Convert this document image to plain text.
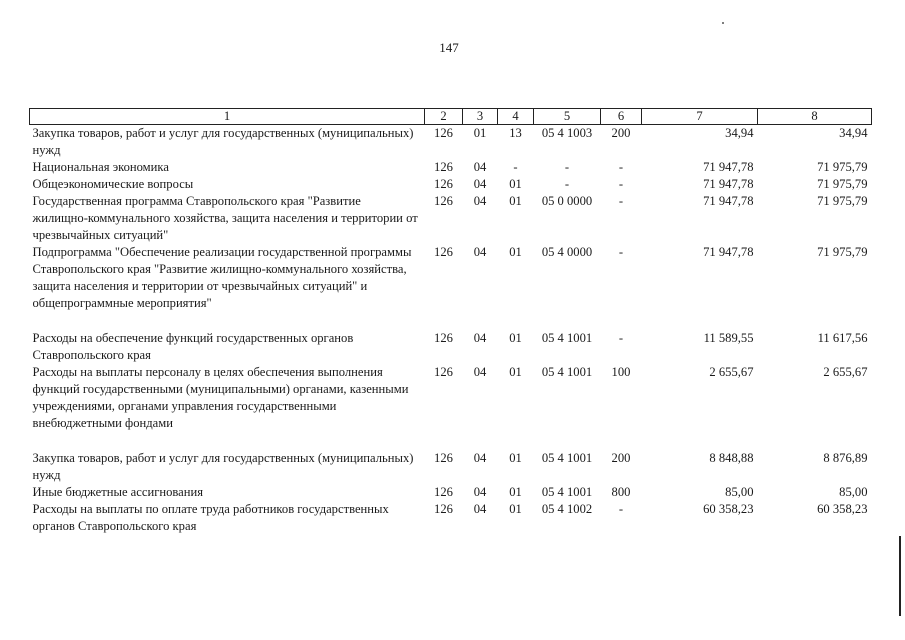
147
1	2	3	4	5	6	7	8
Закупка товаров, работ и услуг для государственных (муниципальных) нужд	126	01	13	05 4 1003	200	34,94	34,94
Национальная экономика	126	04	-	-	-	71 947,78	71 975,79
Общеэкономические вопросы	126	04	01	-	-	71 947,78	71 975,79
Государственная программа Ставропольского края "Развитие жилищно-коммунального хозяйства, защита населения и территории от чрезвычайных ситуаций"	126	04	01	05 0 0000	-	71 947,78	71 975,79
Подпрограмма "Обеспечение реализации государственной программы Ставропольского края "Развитие жилищно-коммунального хозяйства, защита населения и территории от чрезвычайных ситуаций" и общепрограммные мероприятия"	126	04	01	05 4 0000	-	71 947,78	71 975,79
Расходы на обеспечение функций государственных органов Ставропольского края	126	04	01	05 4 1001	-	11 589,55	11 617,56
Расходы на выплаты персоналу в целях обеспечения выполнения функций государственными (муниципальными) органами, казенными учреждениями, органами управления государственными внебюджетными фондами	126	04	01	05 4 1001	100	2 655,67	2 655,67
Закупка товаров, работ и услуг для государственных (муниципальных) нужд	126	04	01	05 4 1001	200	8 848,88	8 876,89
Иные бюджетные ассигнования	126	04	01	05 4 1001	800	85,00	85,00
Расходы на выплаты по оплате труда работников государственных органов Ставропольского края	126	04	01	05 4 1002	-	60 358,23	60 358,23
